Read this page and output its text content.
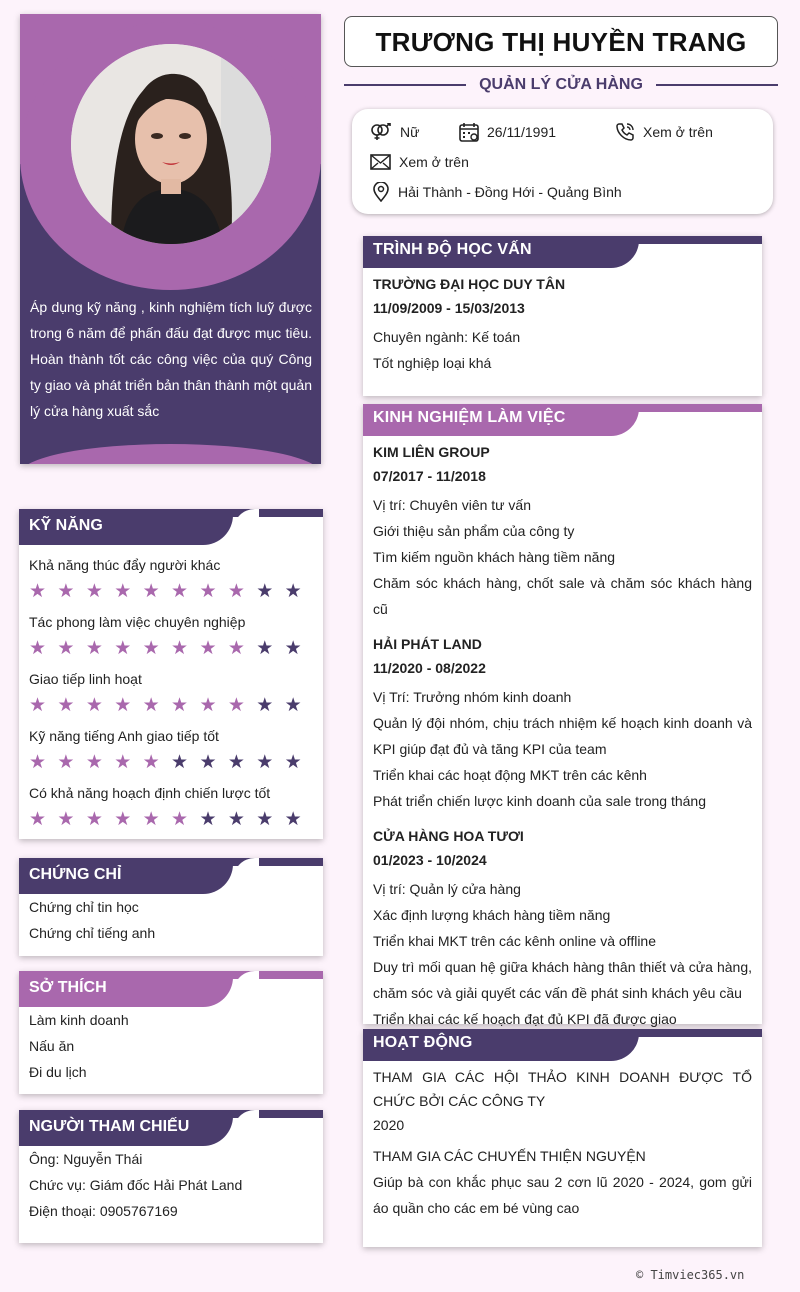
Áp dụng kỹ năng , kinh nghiệm tích luỹ được trong 6 năm để phấn đấu đạt được mục tiêu. Hoàn thành tốt các công việc của quý Công ty giao và phát triển bản thân thành một quản lý cửa hàng xuất sắc
KỸ NĂNG
Khả năng thúc đẩy người khác
★ ★ ★ ★ ★ ★ ★ ★ ★ ★
Tác phong làm việc chuyên nghiệp
★ ★ ★ ★ ★ ★ ★ ★ ★ ★
Giao tiếp linh hoạt
★ ★ ★ ★ ★ ★ ★ ★ ★ ★
Kỹ năng tiếng Anh giao tiếp tốt
★ ★ ★ ★ ★ ★ ★ ★ ★ ★
Có khả năng hoạch định chiến lược tốt
★ ★ ★ ★ ★ ★ ★ ★ ★ ★
CHỨNG CHỈ
Chứng chỉ tin học
Chứng chỉ tiếng anh
SỞ THÍCH
Làm kinh doanh
Nấu ăn
Đi du lịch
NGƯỜI THAM CHIẾU
Ông: Nguyễn Thái
Chức vụ: Giám đốc Hải Phát Land
Điện thoại: 0905767169
TRƯƠNG THỊ HUYỀN TRANG
QUẢN LÝ CỬA HÀNG
Nữ	26/11/1991	Xem ở trên
Xem ở trên
Hải Thành - Đồng Hới - Quảng Bình
TRÌNH ĐỘ HỌC VẤN
TRƯỜNG ĐẠI HỌC DUY TÂN
11/09/2009 - 15/03/2013
Chuyên ngành: Kế toán
Tốt nghiệp loại khá
KINH NGHIỆM LÀM VIỆC
KIM LIÊN GROUP
07/2017 - 11/2018
Vị trí: Chuyên viên tư vấn
Giới thiệu sản phẩm của công ty
Tìm kiếm nguồn khách hàng tiềm năng
Chăm sóc khách hàng, chốt sale và chăm sóc khách hàng cũ
HẢI PHÁT LAND
11/2020 - 08/2022
Vị Trí: Trưởng nhóm kinh doanh
Quản lý đội nhóm, chịu trách nhiệm kế hoạch kinh doanh và KPI giúp đạt đủ và tăng KPI của team
Triển khai các hoạt động MKT trên các kênh
Phát triển chiến lược kinh doanh của sale trong tháng
CỬA HÀNG HOA TƯƠI
01/2023 - 10/2024
Vị trí: Quản lý cửa hàng
Xác định lượng khách hàng tiềm năng
Triển khai MKT trên các kênh online và offline
Duy trì mối quan hệ giữa khách hàng thân thiết và cửa hàng, chăm sóc và giải quyết các vấn đề phát sinh khách yêu cầu
Triển khai các kế hoạch đạt đủ KPI đã được giao
HOẠT ĐỘNG
THAM GIA CÁC HỘI THẢO KINH DOANH ĐƯỢC TỔ CHỨC BỞI CÁC CÔNG TY
2020
THAM GIA CÁC CHUYẾN THIỆN NGUYỆN
Giúp bà con khắc phục sau 2 cơn lũ 2020 - 2024, gom gửi áo quần cho các em bé vùng cao
© Timviec365.vn
